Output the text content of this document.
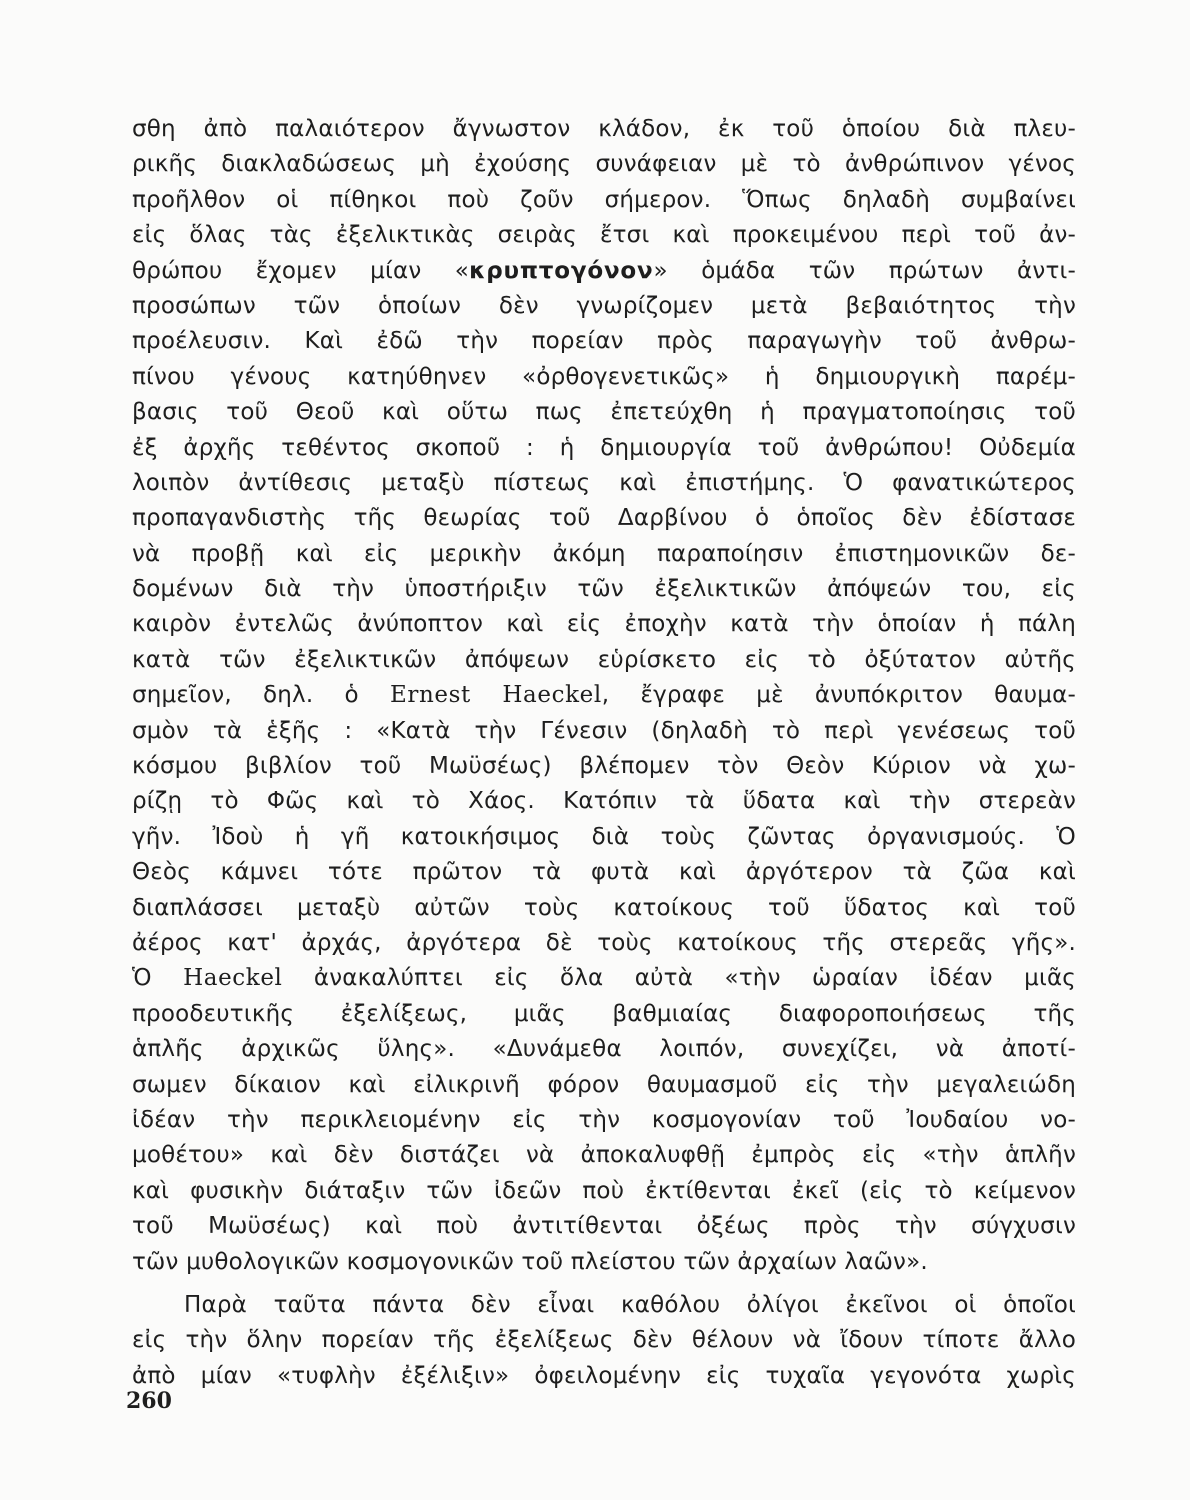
σθη ἀπὸ παλαιότερον ἄγνωστον κλάδον, ἐκ τοῦ ὁποίου διὰ πλευ-
ρικῆς διακλαδώσεως μὴ ἐχούσης συνάφειαν μὲ τὸ ἀνθρώπινον γένος
προῆλθον οἱ πίθηκοι ποὺ ζοῦν σήμερον. Ὅπως δηλαδὴ συμβαίνει
εἰς ὅλας τὰς ἐξελικτικὰς σειρὰς ἔτσι καὶ προκειμένου περὶ τοῦ ἀν-
θρώπου ἔχομεν μίαν «κρυπτογόνον» ὁμάδα τῶν πρώτων ἀντι-
προσώπων τῶν ὁποίων δὲν γνωρίζομεν μετὰ βεβαιότητος τὴν
προέλευσιν. Καὶ ἐδῶ τὴν πορείαν πρὸς παραγωγὴν τοῦ ἀνθρω-
πίνου γένους κατηύθηνεν «ὀρθογενετικῶς» ἡ δημιουργικὴ παρέμ-
βασις τοῦ Θεοῦ καὶ οὕτω πως ἐπετεύχθη ἡ πραγματοποίησις τοῦ
ἐξ ἀρχῆς τεθέντος σκοποῦ : ἡ δημιουργία τοῦ ἀνθρώπου! Οὐδεμία
λοιπὸν ἀντίθεσις μεταξὺ πίστεως καὶ ἐπιστήμης. Ὁ φανατικώτερος
προπαγανδιστὴς τῆς θεωρίας τοῦ Δαρβίνου ὁ ὁποῖος δὲν ἐδίστασε
νὰ προβῇ καὶ εἰς μερικὴν ἀκόμη παραποίησιν ἐπιστημονικῶν δε-
δομένων διὰ τὴν ὑποστήριξιν τῶν ἐξελικτικῶν ἀπόψεών του, εἰς
καιρὸν ἐντελῶς ἀνύποπτον καὶ εἰς ἐποχὴν κατὰ τὴν ὁποίαν ἡ πάλη
κατὰ τῶν ἐξελικτικῶν ἀπόψεων εὑρίσκετο εἰς τὸ ὀξύτατον αὐτῆς
σημεῖον, δηλ. ὁ Ernest Haeckel, ἔγραφε μὲ ἀνυπόκριτον θαυμα-
σμὸν τὰ ἑξῆς : «Κατὰ τὴν Γένεσιν (δηλαδὴ τὸ περὶ γενέσεως τοῦ
κόσμου βιβλίον τοῦ Μωϋσέως) βλέπομεν τὸν Θεὸν Κύριον νὰ χω-
ρίζῃ τὸ Φῶς καὶ τὸ Χάος. Κατόπιν τὰ ὕδατα καὶ τὴν στερεὰν
γῆν. Ἰδοὺ ἡ γῆ κατοικήσιμος διὰ τοὺς ζῶντας ὀργανισμούς. Ὁ
Θεὸς κάμνει τότε πρῶτον τὰ φυτὰ καὶ ἀργότερον τὰ ζῶα καὶ
διαπλάσσει μεταξὺ αὐτῶν τοὺς κατοίκους τοῦ ὕδατος καὶ τοῦ
ἀέρος κατ' ἀρχάς, ἀργότερα δὲ τοὺς κατοίκους τῆς στερεᾶς γῆς».
Ὁ Haeckel ἀνακαλύπτει εἰς ὅλα αὐτὰ «τὴν ὡραίαν ἰδέαν μιᾶς
προοδευτικῆς ἐξελίξεως, μιᾶς βαθμιαίας διαφοροποιήσεως τῆς
ἁπλῆς ἀρχικῶς ὕλης». «Δυνάμεθα λοιπόν, συνεχίζει, νὰ ἀποτί-
σωμεν δίκαιον καὶ εἰλικρινῆ φόρον θαυμασμοῦ εἰς τὴν μεγαλειώδη
ἰδέαν τὴν περικλειομένην εἰς τὴν κοσμογονίαν τοῦ Ἰουδαίου νο-
μοθέτου» καὶ δὲν διστάζει νὰ ἀποκαλυφθῇ ἐμπρὸς εἰς «τὴν ἁπλῆν
καὶ φυσικὴν διάταξιν τῶν ἰδεῶν ποὺ ἐκτίθενται ἐκεῖ (εἰς τὸ κείμενον
τοῦ Μωϋσέως) καὶ ποὺ ἀντιτίθενται ὀξέως πρὸς τὴν σύγχυσιν
τῶν μυθολογικῶν κοσμογονικῶν τοῦ πλείστου τῶν ἀρχαίων λαῶν».
Παρὰ ταῦτα πάντα δὲν εἶναι καθόλου ὀλίγοι ἐκεῖνοι οἱ ὁποῖοι
εἰς τὴν ὅλην πορείαν τῆς ἐξελίξεως δὲν θέλουν νὰ ἴδουν τίποτε ἄλλο
ἀπὸ μίαν «τυφλὴν ἐξέλιξιν» ὀφειλομένην εἰς τυχαῖα γεγονότα χωρὶς
260
